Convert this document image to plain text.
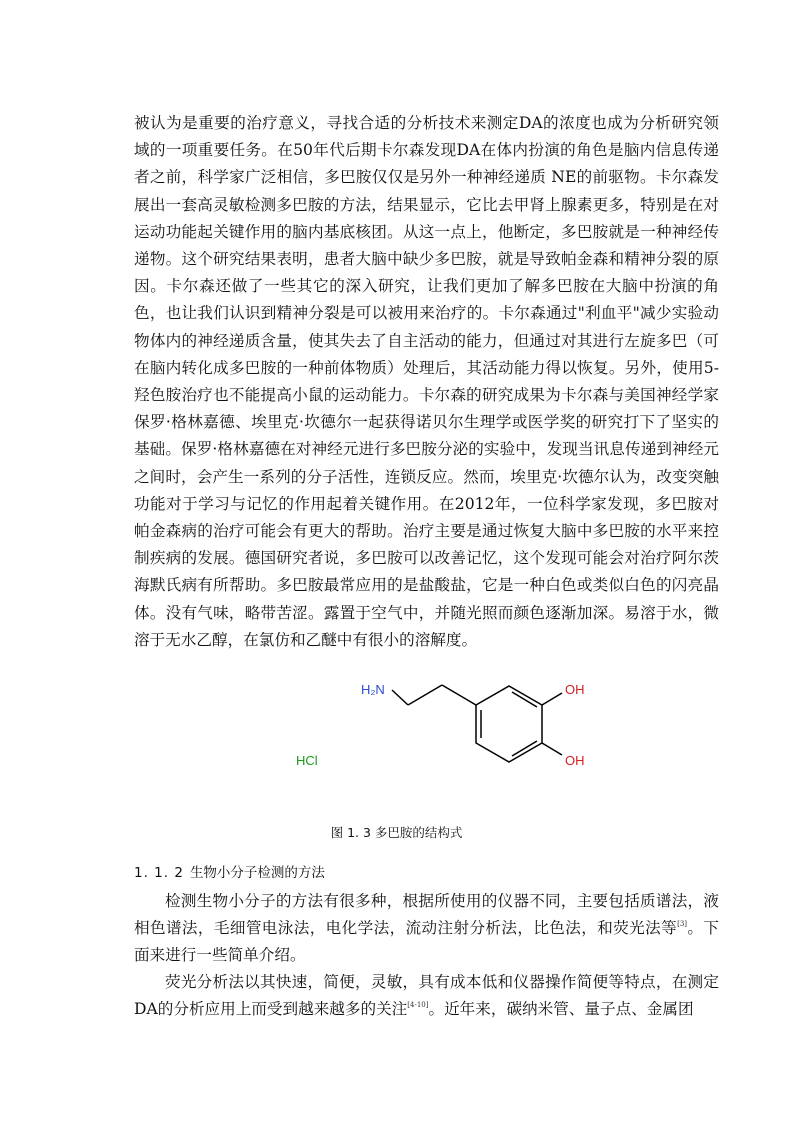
被认为是重要的治疗意义，寻找合适的分析技术来测定DA的浓度也成为分析研究领域的一项重要任务。在50年代后期卡尔森发现DA在体内扮演的角色是脑内信息传递者之前，科学家广泛相信，多巴胺仅仅是另外一种神经递质 NE的前驱物。卡尔森发展出一套高灵敏检测多巴胺的方法，结果显示，它比去甲肾上腺素更多，特别是在对运动功能起关键作用的脑内基底核团。从这一点上，他断定，多巴胺就是一种神经传递物。这个研究结果表明，患者大脑中缺少多巴胺，就是导致帕金森和精神分裂的原因。卡尔森还做了一些其它的深入研究，让我们更加了解多巴胺在大脑中扮演的角色，也让我们认识到精神分裂是可以被用来治疗的。卡尔森通过"利血平"减少实验动物体内的神经递质含量，使其失去了自主活动的能力，但通过对其进行左旋多巴（可在脑内转化成多巴胺的一种前体物质）处理后，其活动能力得以恢复。另外，使用5-羟色胺治疗也不能提高小鼠的运动能力。卡尔森的研究成果为卡尔森与美国神经学家保罗·格林嘉德、埃里克·坎德尔一起获得诺贝尔生理学或医学奖的研究打下了坚实的基础。保罗·格林嘉德在对神经元进行多巴胺分泌的实验中，发现当讯息传递到神经元之间时，会产生一系列的分子活性，连锁反应。然而，埃里克·坎德尔认为，改变突触功能对于学习与记忆的作用起着关键作用。在2012年，一位科学家发现，多巴胺对帕金森病的治疗可能会有更大的帮助。治疗主要是通过恢复大脑中多巴胺的水平来控制疾病的发展。德国研究者说，多巴胺可以改善记忆，这个发现可能会对治疗阿尔茨海默氏病有所帮助。多巴胺最常应用的是盐酸盐，它是一种白色或类似白色的闪亮晶体。没有气味，略带苦涩。露置于空气中，并随光照而颜色逐渐加深。易溶于水，微溶于无水乙醇，在氯仿和乙醚中有很小的溶解度。

H₂N	OH
OH
HCl

图 1. 3 多巴胺的结构式

1. 1. 2 生物小分子检测的方法

检测生物小分子的方法有很多种，根据所使用的仪器不同，主要包括质谱法，液相色谱法，毛细管电泳法，电化学法，流动注射分析法，比色法，和荧光法等[3]。下面来进行一些简单介绍。

荧光分析法以其快速，简便，灵敏，具有成本低和仪器操作简便等特点，在测定DA的分析应用上而受到越来越多的关注[4-10]。近年来，碳纳米管、量子点、金属团
